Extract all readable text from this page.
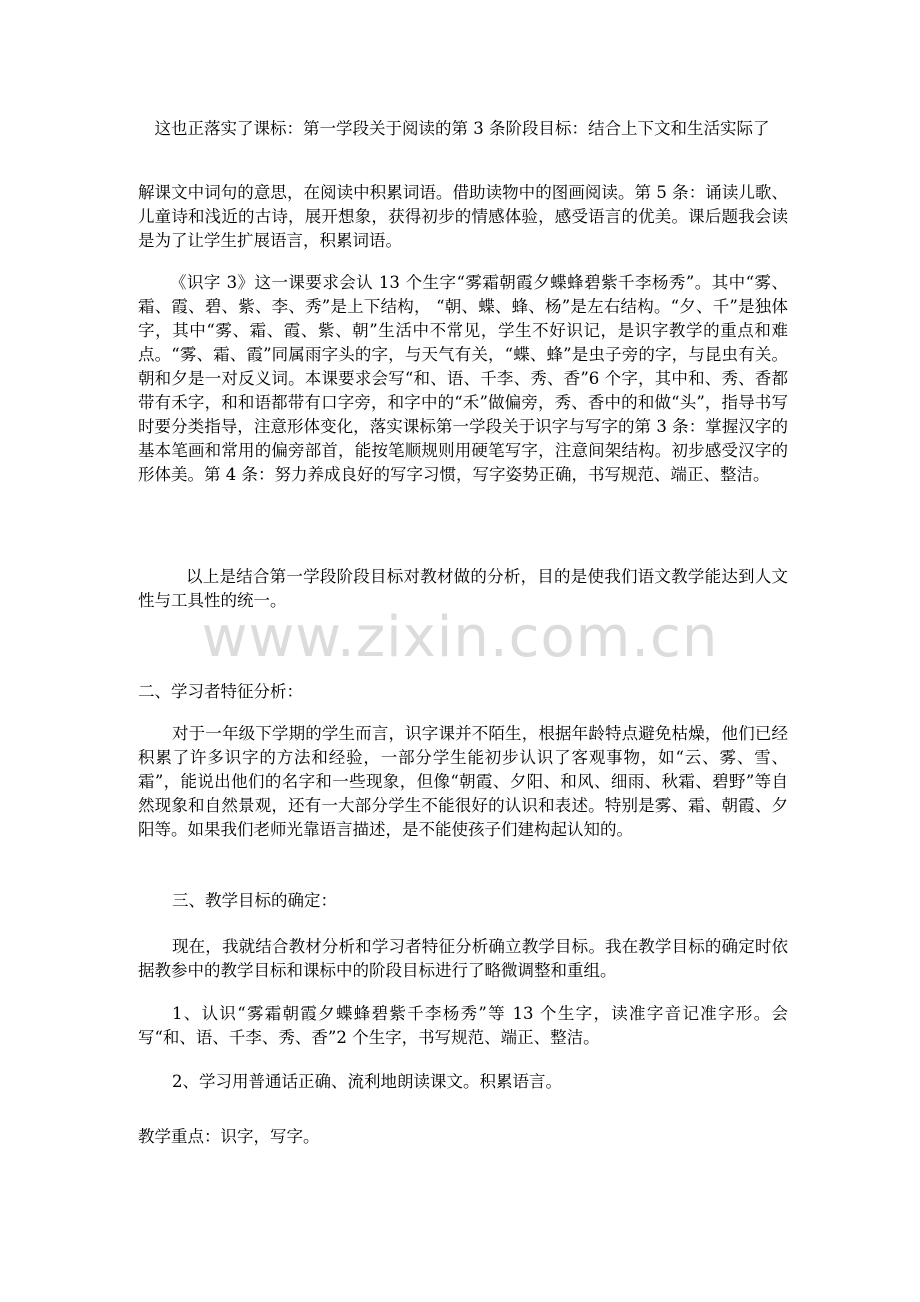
这也正落实了课标：第一学段关于阅读的第 3 条阶段目标：结合上下文和生活实际了

解课文中词句的意思，在阅读中积累词语。借助读物中的图画阅读。第 5 条：诵读儿歌、儿童诗和浅近的古诗，展开想象，获得初步的情感体验，感受语言的优美。课后题我会读是为了让学生扩展语言，积累词语。

《识字 3》这一课要求会认 13 个生字“雾霜朝霞夕蝶蜂碧紫千李杨秀”。其中“雾、霜、霞、碧、紫、李、秀”是上下结构， “朝、蝶、蜂、杨”是左右结构。“夕、千”是独体字，其中“雾、霜、霞、紫、朝”生活中不常见，学生不好识记，是识字教学的重点和难点。“雾、霜、霞”同属雨字头的字，与天气有关，“蝶、蜂”是虫子旁的字，与昆虫有关。朝和夕是一对反义词。本课要求会写“和、语、千李、秀、香”6 个字，其中和、秀、香都带有禾字，和和语都带有口字旁，和字中的“禾”做偏旁，秀、香中的和做“头”，指导书写时要分类指导，注意形体变化，落实课标第一学段关于识字与写字的第 3 条：掌握汉字的基本笔画和常用的偏旁部首，能按笔顺规则用硬笔写字，注意间架结构。初步感受汉字的形体美。第 4 条：努力养成良好的写字习惯，写字姿势正确，书写规范、端正、整洁。

以上是结合第一学段阶段目标对教材做的分析，目的是使我们语文教学能达到人文性与工具性的统一。

www.zixin.com.cn

二、学习者特征分析：

对于一年级下学期的学生而言，识字课并不陌生，根据年龄特点避免枯燥，他们已经积累了许多识字的方法和经验，一部分学生能初步认识了客观事物，如“云、雾、雪、霜”，能说出他们的名字和一些现象，但像“朝霞、夕阳、和风、细雨、秋霜、碧野”等自然现象和自然景观，还有一大部分学生不能很好的认识和表述。特别是雾、霜、朝霞、夕阳等。如果我们老师光靠语言描述，是不能使孩子们建构起认知的。

三、教学目标的确定：

现在，我就结合教材分析和学习者特征分析确立教学目标。我在教学目标的确定时依据教参中的教学目标和课标中的阶段目标进行了略微调整和重组。

1、认识“雾霜朝霞夕蝶蜂碧紫千李杨秀”等 13 个生字，读准字音记准字形。会写“和、语、千李、秀、香”2 个生字，书写规范、端正、整洁。

2、学习用普通话正确、流利地朗读课文。积累语言。

教学重点：识字，写字。
